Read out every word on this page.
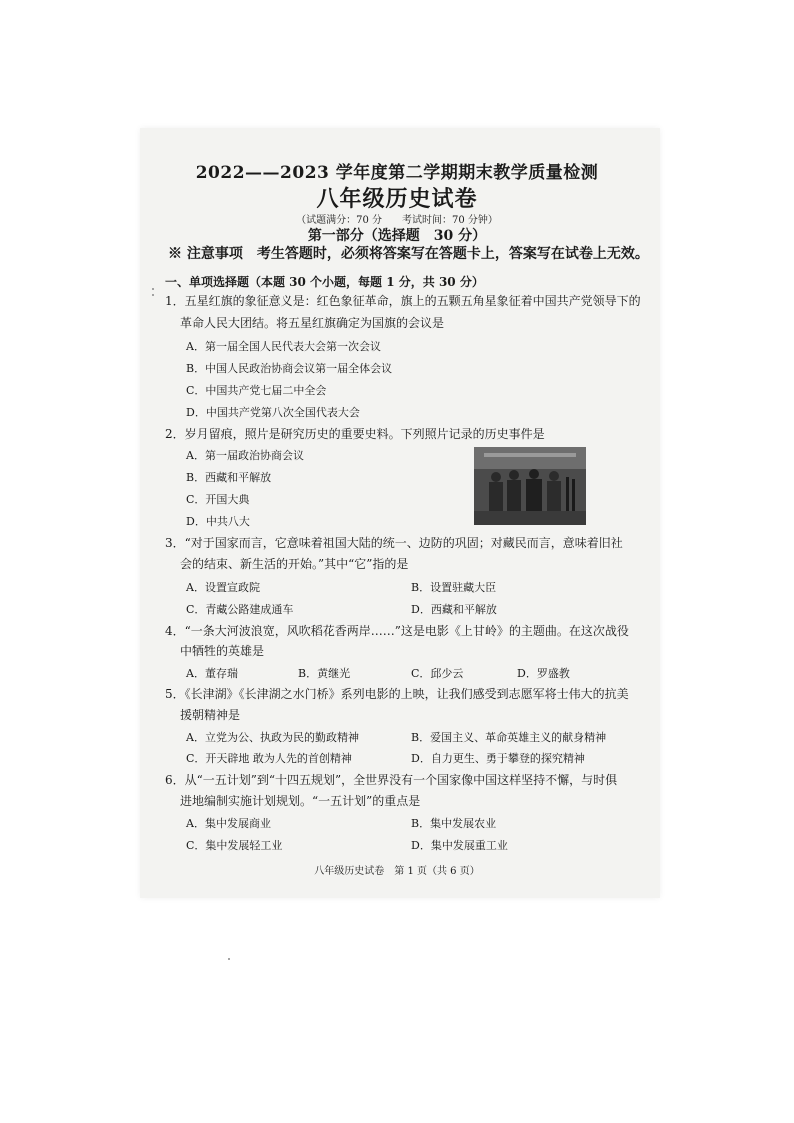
2022——2023 学年度第二学期期末教学质量检测
八年级历史试卷
（试题满分：70 分　　考试时间：70 分钟）
第一部分（选择题　30 分）
※ 注意事项　考生答题时，必须将答案写在答题卡上，答案写在试卷上无效。
一、单项选择题（本题 30 个小题，每题 1 分，共 30 分）
1．五星红旗的象征意义是：红色象征革命，旗上的五颗五角星象征着中国共产党领导下的
革命人民大团结。将五星红旗确定为国旗的会议是
A．第一届全国人民代表大会第一次会议
B．中国人民政治协商会议第一届全体会议
C．中国共产党七届二中全会
D．中国共产党第八次全国代表大会
2．岁月留痕，照片是研究历史的重要史料。下列照片记录的历史事件是
A．第一届政治协商会议
B．西藏和平解放
C．开国大典
D．中共八大
3．“对于国家而言，它意味着祖国大陆的统一、边防的巩固；对藏民而言，意味着旧社
会的结束、新生活的开始。”其中“它”指的是
A．设置宣政院	B．设置驻藏大臣
C．青藏公路建成通车	D．西藏和平解放
4．“一条大河波浪宽，风吹稻花香两岸……”这是电影《上甘岭》的主题曲。在这次战役
中牺牲的英雄是
A．董存瑞	B．黄继光	C．邱少云	D．罗盛教
5．《长津湖》《长津湖之水门桥》系列电影的上映，让我们感受到志愿军将士伟大的抗美
援朝精神是
A．立党为公、执政为民的勤政精神	B．爱国主义、革命英雄主义的献身精神
C．开天辟地 敢为人先的首创精神	D．自力更生、勇于攀登的探究精神
6．从“一五计划”到“十四五规划”，全世界没有一个国家像中国这样坚持不懈，与时俱
进地编制实施计划规划。“一五计划”的重点是
A．集中发展商业	B．集中发展农业
C．集中发展轻工业	D．集中发展重工业
八年级历史试卷　第 1 页（共 6 页）
